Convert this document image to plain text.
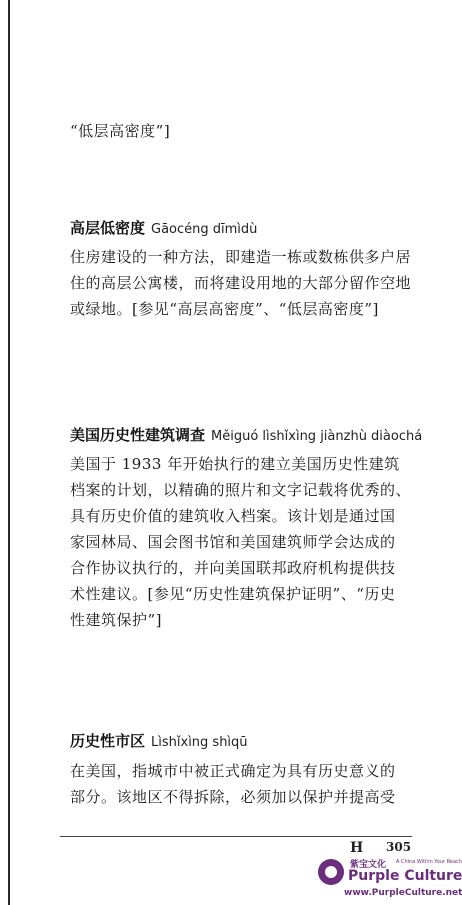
“低层高密度”]
高层低密度 Gāocéng dīmìdù
住房建设的一种方法，即建造一栋或数栋供多户居
住的高层公寓楼，而将建设用地的大部分留作空地
或绿地。[参见“高层高密度”、“低层高密度”]
美国历史性建筑调查 Měiguó lìshǐxìng jiànzhù diàochá
美国于 1933 年开始执行的建立美国历史性建筑
档案的计划，以精确的照片和文字记载将优秀的、
具有历史价值的建筑收入档案。该计划是通过国
家园林局、国会图书馆和美国建筑师学会达成的
合作协议执行的，并向美国联邦政府机构提供技
术性建议。[参见“历史性建筑保护证明”、“历史
性建筑保护”]
历史性市区 Lìshǐxìng shìqū
在美国，指城市中被正式确定为具有历史意义的
部分。该地区不得拆除，必须加以保护并提高受
H 305
紫宝文化 A China Within Your Reach
Purple Culture
www.PurpleCulture.net
